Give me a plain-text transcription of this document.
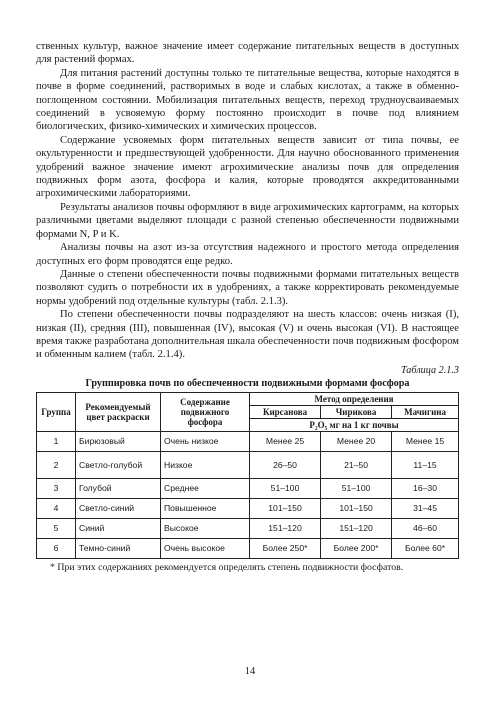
ственных культур, важное значение имеет содержание питательных веществ в доступных для растений формах.

Для питания растений доступны только те питательные вещества, которые находятся в почве в форме соединений, растворимых в воде и слабых кислотах, а также в обменно-поглощенном состоянии. Мобилизация питательных веществ, переход трудноусваиваемых соединений в усвояемую форму постоянно происходит в почве под влиянием биологических, физико-химических и химических процессов.

Содержание усвояемых форм питательных веществ зависит от типа почвы, ее окультуренности и предшествующей удобренности. Для научно обоснованного применения удобрений важное значение имеют агрохимические анализы почв для определения подвижных форм азота, фосфора и калия, которые проводятся аккредитованными агрохимическими лабораториями.

Результаты анализов почвы оформляют в виде агрохимических картограмм, на которых различными цветами выделяют площади с разной степенью обеспеченности подвижными формами N, P и K.

Анализы почвы на азот из-за отсутствия надежного и простого метода определения доступных его форм проводятся еще редко.

Данные о степени обеспеченности почвы подвижными формами питательных веществ позволяют судить о потребности их в удобрениях, а также корректировать рекомендуемые нормы удобрений под отдельные культуры (табл. 2.1.3).

По степени обеспеченности почвы подразделяют на шесть классов: очень низкая (I), низкая (II), средняя (III), повышенная (IV), высокая (V) и очень высокая (VI). В настоящее время также разработана дополнительная шкала обеспеченности почв подвижным фосфором и обменным калием (табл. 2.1.4).

Таблица 2.1.3
Группировка почв по обеспеченности подвижными формами фосфора
Группа	Рекомендуемый цвет раскраски	Содержание подвижного фосфора	Метод определения		
			Кирсанова	Чирикова	Мачигина
			P₂O₅ мг на 1 кг почвы		
1	Бирюзовый	Очень низкое	Менее 25	Менее 20	Менее 15
2	Светло-голубой	Низкое	26–50	21–50	11–15
3	Голубой	Среднее	51–100	51–100	16–30
4	Светло-синий	Повышенное	101–150	101–150	31–45
5	Синий	Высокое	151–120	151–120	46–60
6	Темно-синий	Очень высокое	Более 250*	Более 200*	Более 60*
* При этих содержаниях рекомендуется определять степень подвижности фосфатов.
14
